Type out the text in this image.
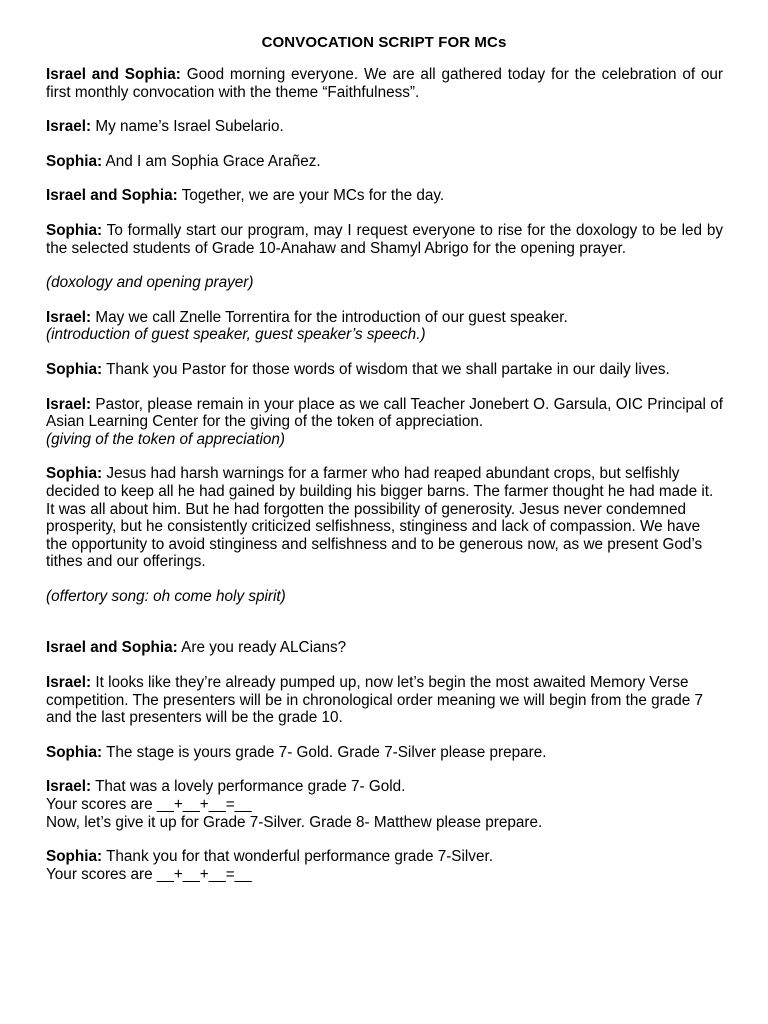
CONVOCATION SCRIPT FOR MCs

Israel and Sophia: Good morning everyone. We are all gathered today for the celebration of our first monthly convocation with the theme “Faithfulness”.

Israel: My name’s Israel Subelario.

Sophia: And I am Sophia Grace Arañez.

Israel and Sophia: Together, we are your MCs for the day.

Sophia: To formally start our program, may I request everyone to rise for the doxology to be led by the selected students of Grade 10-Anahaw and Shamyl Abrigo for the opening prayer.

(doxology and opening prayer)

Israel: May we call Znelle Torrentira for the introduction of our guest speaker.

(introduction of guest speaker, guest speaker’s speech.)

Sophia: Thank you Pastor for those words of wisdom that we shall partake in our daily lives.

Israel: Pastor, please remain in your place as we call Teacher Jonebert O. Garsula, OIC Principal of Asian Learning Center for the giving of the token of appreciation.

(giving of the token of appreciation)

Sophia: Jesus had harsh warnings for a farmer who had reaped abundant crops, but selfishly decided to keep all he had gained by building his bigger barns. The farmer thought he had made it. It was all about him. But he had forgotten the possibility of generosity. Jesus never condemned prosperity, but he consistently criticized selfishness, stinginess and lack of compassion. We have the opportunity to avoid stinginess and selfishness and to be generous now, as we present God’s tithes and our offerings.

(offertory song: oh come holy spirit)

Israel and Sophia: Are you ready ALCians?

Israel: It looks like they’re already pumped up, now let’s begin the most awaited Memory Verse competition. The presenters will be in chronological order meaning we will begin from the grade 7 and the last presenters will be the grade 10.

Sophia: The stage is yours grade 7- Gold. Grade 7-Silver please prepare.

Israel: That was a lovely performance grade 7- Gold.

Your scores are __+__+__=__

Now, let’s give it up for Grade 7-Silver. Grade 8- Matthew please prepare.

Sophia: Thank you for that wonderful performance grade 7-Silver.

Your scores are __+__+__=__
